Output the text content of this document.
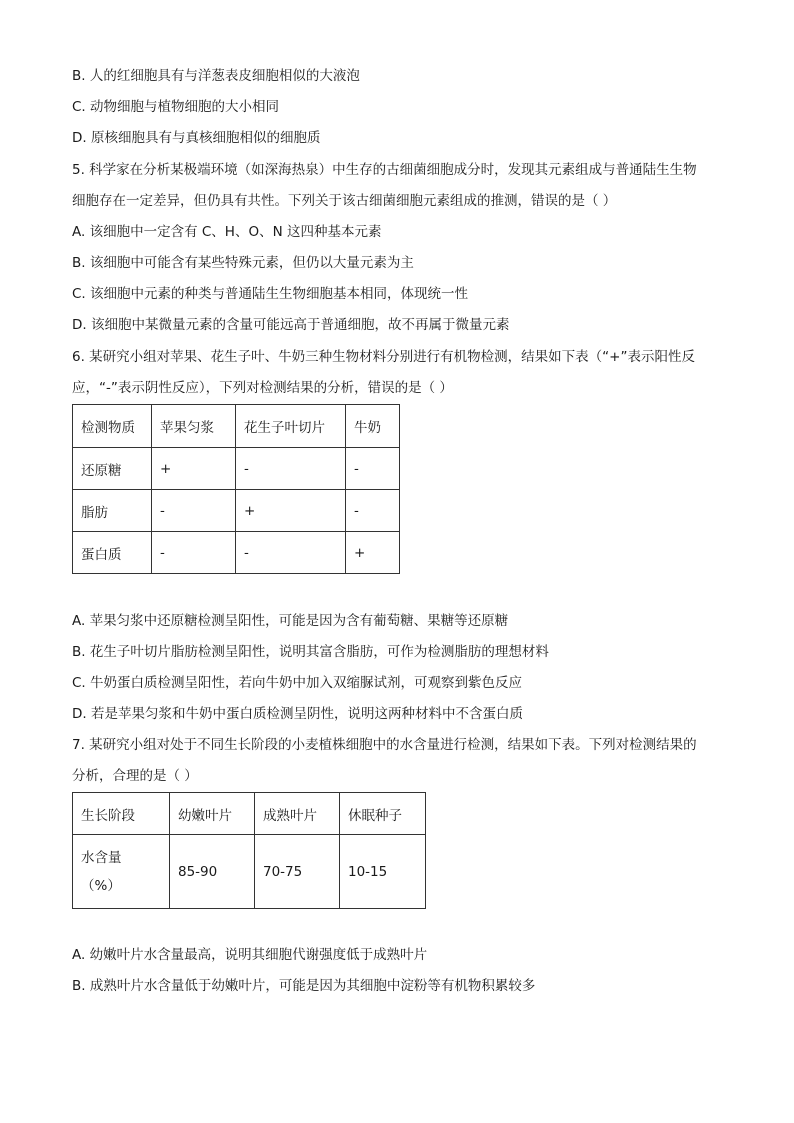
B. 人的红细胞具有与洋葱表皮细胞相似的大液泡
C. 动物细胞与植物细胞的大小相同
D. 原核细胞具有与真核细胞相似的细胞质
5. 科学家在分析某极端环境（如深海热泉）中生存的古细菌细胞成分时，发现其元素组成与普通陆生生物
细胞存在一定差异，但仍具有共性。下列关于该古细菌细胞元素组成的推测，错误的是（ ）
A. 该细胞中一定含有 C、H、O、N 这四种基本元素
B. 该细胞中可能含有某些特殊元素，但仍以大量元素为主
C. 该细胞中元素的种类与普通陆生生物细胞基本相同，体现统一性
D. 该细胞中某微量元素的含量可能远高于普通细胞，故不再属于微量元素
6. 某研究小组对苹果、花生子叶、牛奶三种生物材料分别进行有机物检测，结果如下表（“+”表示阳性反
应，“-”表示阴性反应），下列对检测结果的分析，错误的是（ ）
检测物质	苹果匀浆	花生子叶切片	牛奶
还原糖	+	-	-
脂肪	-	+	-
蛋白质	-	-	+
A. 苹果匀浆中还原糖检测呈阳性，可能是因为含有葡萄糖、果糖等还原糖
B. 花生子叶切片脂肪检测呈阳性，说明其富含脂肪，可作为检测脂肪的理想材料
C. 牛奶蛋白质检测呈阳性，若向牛奶中加入双缩脲试剂，可观察到紫色反应
D. 若是苹果匀浆和牛奶中蛋白质检测呈阴性，说明这两种材料中不含蛋白质
7. 某研究小组对处于不同生长阶段的小麦植株细胞中的水含量进行检测，结果如下表。下列对检测结果的
分析，合理的是（ ）
生长阶段	幼嫩叶片	成熟叶片	休眠种子

水含量
（%）	85-90	70-75	10-15
A. 幼嫩叶片水含量最高，说明其细胞代谢强度低于成熟叶片
B. 成熟叶片水含量低于幼嫩叶片，可能是因为其细胞中淀粉等有机物积累较多
